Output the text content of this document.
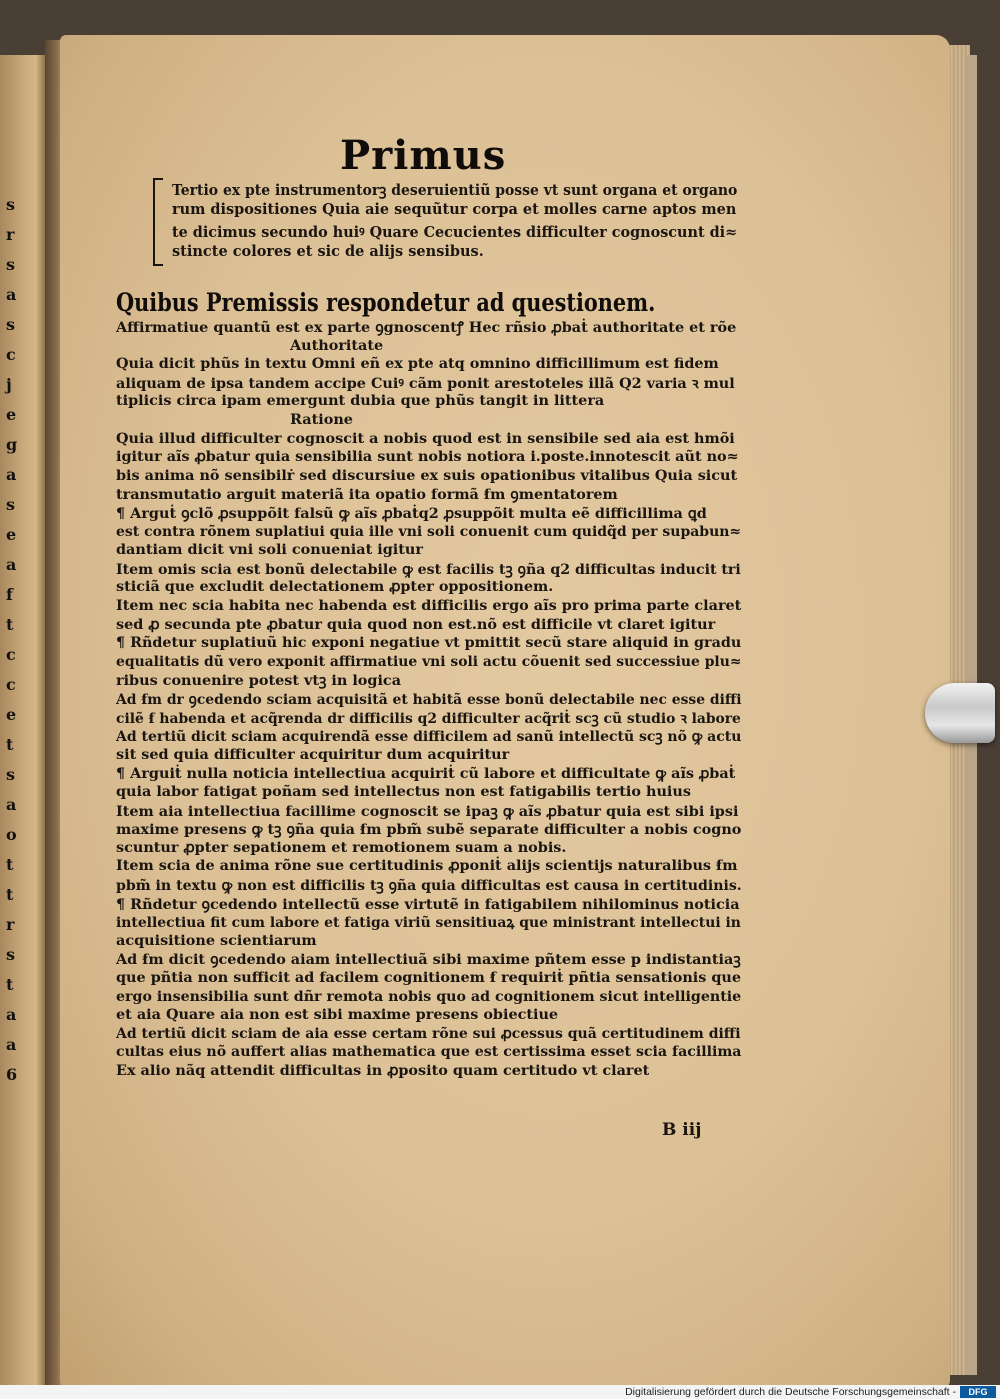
s
r
s
a
s
c
j
e
g
a
s
e
a
f
t
c
c
e
t
s
a
o
t
t
r
s
t
a
a
6
Primus
Tertio ex pte instrumentorꝫ deseruientiũ posse vt sunt organa et organo
rum dispositiones Quia aie sequũtur corpa et molles carne aptos men
te dicimus secundo huiꝰ Quare Cecucientes difficulter cognoscunt di≈
stincte colores et sic de alijs sensibus.
Quibus Premissis respondetur ad questionem.
Affirmatiue quantũ est ex parte ꝯgnoscentꝭ Hec rñsio ꝓbaṫ authoritate et rõe
Authoritate
Quia dicit phũs in textu Omni eñ ex pte atq omnino difficillimum est fidem
aliquam de ipsa tandem accipe Cuiꝰ cãm ponit arestoteles illã Q2 varia ꝛ mul
tiplicis circa ipam emergunt dubia que phũs tangit in littera
Ratione
Quia illud difficulter cognoscit a nobis quod est in sensibile sed aia est hmõi
igitur aĩs ꝓbatur quia sensibilia sunt nobis notiora i.poste.innotescit aũt no≈
bis anima nõ sensibilṙ sed discursiue ex suis opationibus vitalibus Quia sicut
transmutatio arguit materiã ita opatio formã ẜm ꝯmentatorem
¶ Arguṫ ꝯclõ ꝓsuppõit falsũ ꝙ aĩs ꝓbaṫq2 ꝓsuppõit multa eẽ difficillima ꝗd
est contra rõnem suplatiui quia ille vni soli conuenit cum quidq̃d per supabun≈
dantiam dicit vni soli conueniat igitur
Item omis scia est bonũ delectabile ꝙ est facilis tꝫ ꝯña q2 difficultas inducit tri
sticiã que excludit delectationem ꝓpter oppositionem.
Item nec scia habita nec habenda est difficilis ergo aĩs pro prima parte claret
sed ꝓ secunda pte ꝓbatur quia quod non est.nõ est difficile vt claret igitur
¶ Rñdetur suplatiuũ hic exponi negatiue vt pmittit secũ stare aliquid in gradu
equalitatis dũ vero exponit affirmatiue vni soli actu cõuenit sed successiue plu≈
ribus conuenire potest vtꝫ in logica
Ad ẜm dr ꝯcedendo sciam acquisitã et habitã esse bonũ delectabile nec esse diffi
cilẽ ẜ habenda et acq̃renda dr difficilis q2 difficulter acq̃riṫ scꝫ cũ studio ꝛ labore
Ad tertiũ dicit sciam acquirendã esse difficilem ad sanũ intellectũ scꝫ nõ ꝙ actu
sit sed quia difficulter acquiritur dum acquiritur
¶ Arguiṫ nulla noticia intellectiua acquiriṫ cũ labore et difficultate ꝙ aĩs ꝓbaṫ
quia labor fatigat poñam sed intellectus non est fatigabilis tertio huius
Item aia intellectiua facillime cognoscit se ipaꝫ ꝙ aĩs ꝓbatur quia est sibi ipsi
maxime presens ꝙ tꝫ ꝯña quia ẜm pbm̃ subẽ separate difficulter a nobis cogno
scuntur ꝓpter sepationem et remotionem suam a nobis.
Item scia de anima rõne sue certitudinis ꝓponiṫ alijs scientijs naturalibus ẜm
pbm̃ in textu ꝙ non est difficilis tꝫ ꝯña quia difficultas est causa in certitudinis.
¶ Rñdetur ꝯcedendo intellectũ esse virtutẽ in fatigabilem nihilominus noticia
intellectiua fit cum labore et fatiga viriũ sensitiuaꝝ que ministrant intellectui in
acquisitione scientiarum
Ad ẜm dicit ꝯcedendo aiam intellectiuã sibi maxime pñtem esse p indistantiaꝫ
que pñtia non sufficit ad facilem cognitionem ẜ requiriṫ pñtia sensationis que
ergo insensibilia sunt dñr remota nobis quo ad cognitionem sicut intelligentie
et aia Quare aia non est sibi maxime presens obiectiue
Ad tertiũ dicit sciam de aia esse certam rõne sui ꝓcessus quã certitudinem diffi
cultas eius nõ auffert alias mathematica que est certissima esset scia facillima
Ex alio nãq attendit difficultas in ꝓposito quam certitudo vt claret
B iij
Digitalisierung gefördert durch die Deutsche Forschungsgemeinschaft -	DFG
